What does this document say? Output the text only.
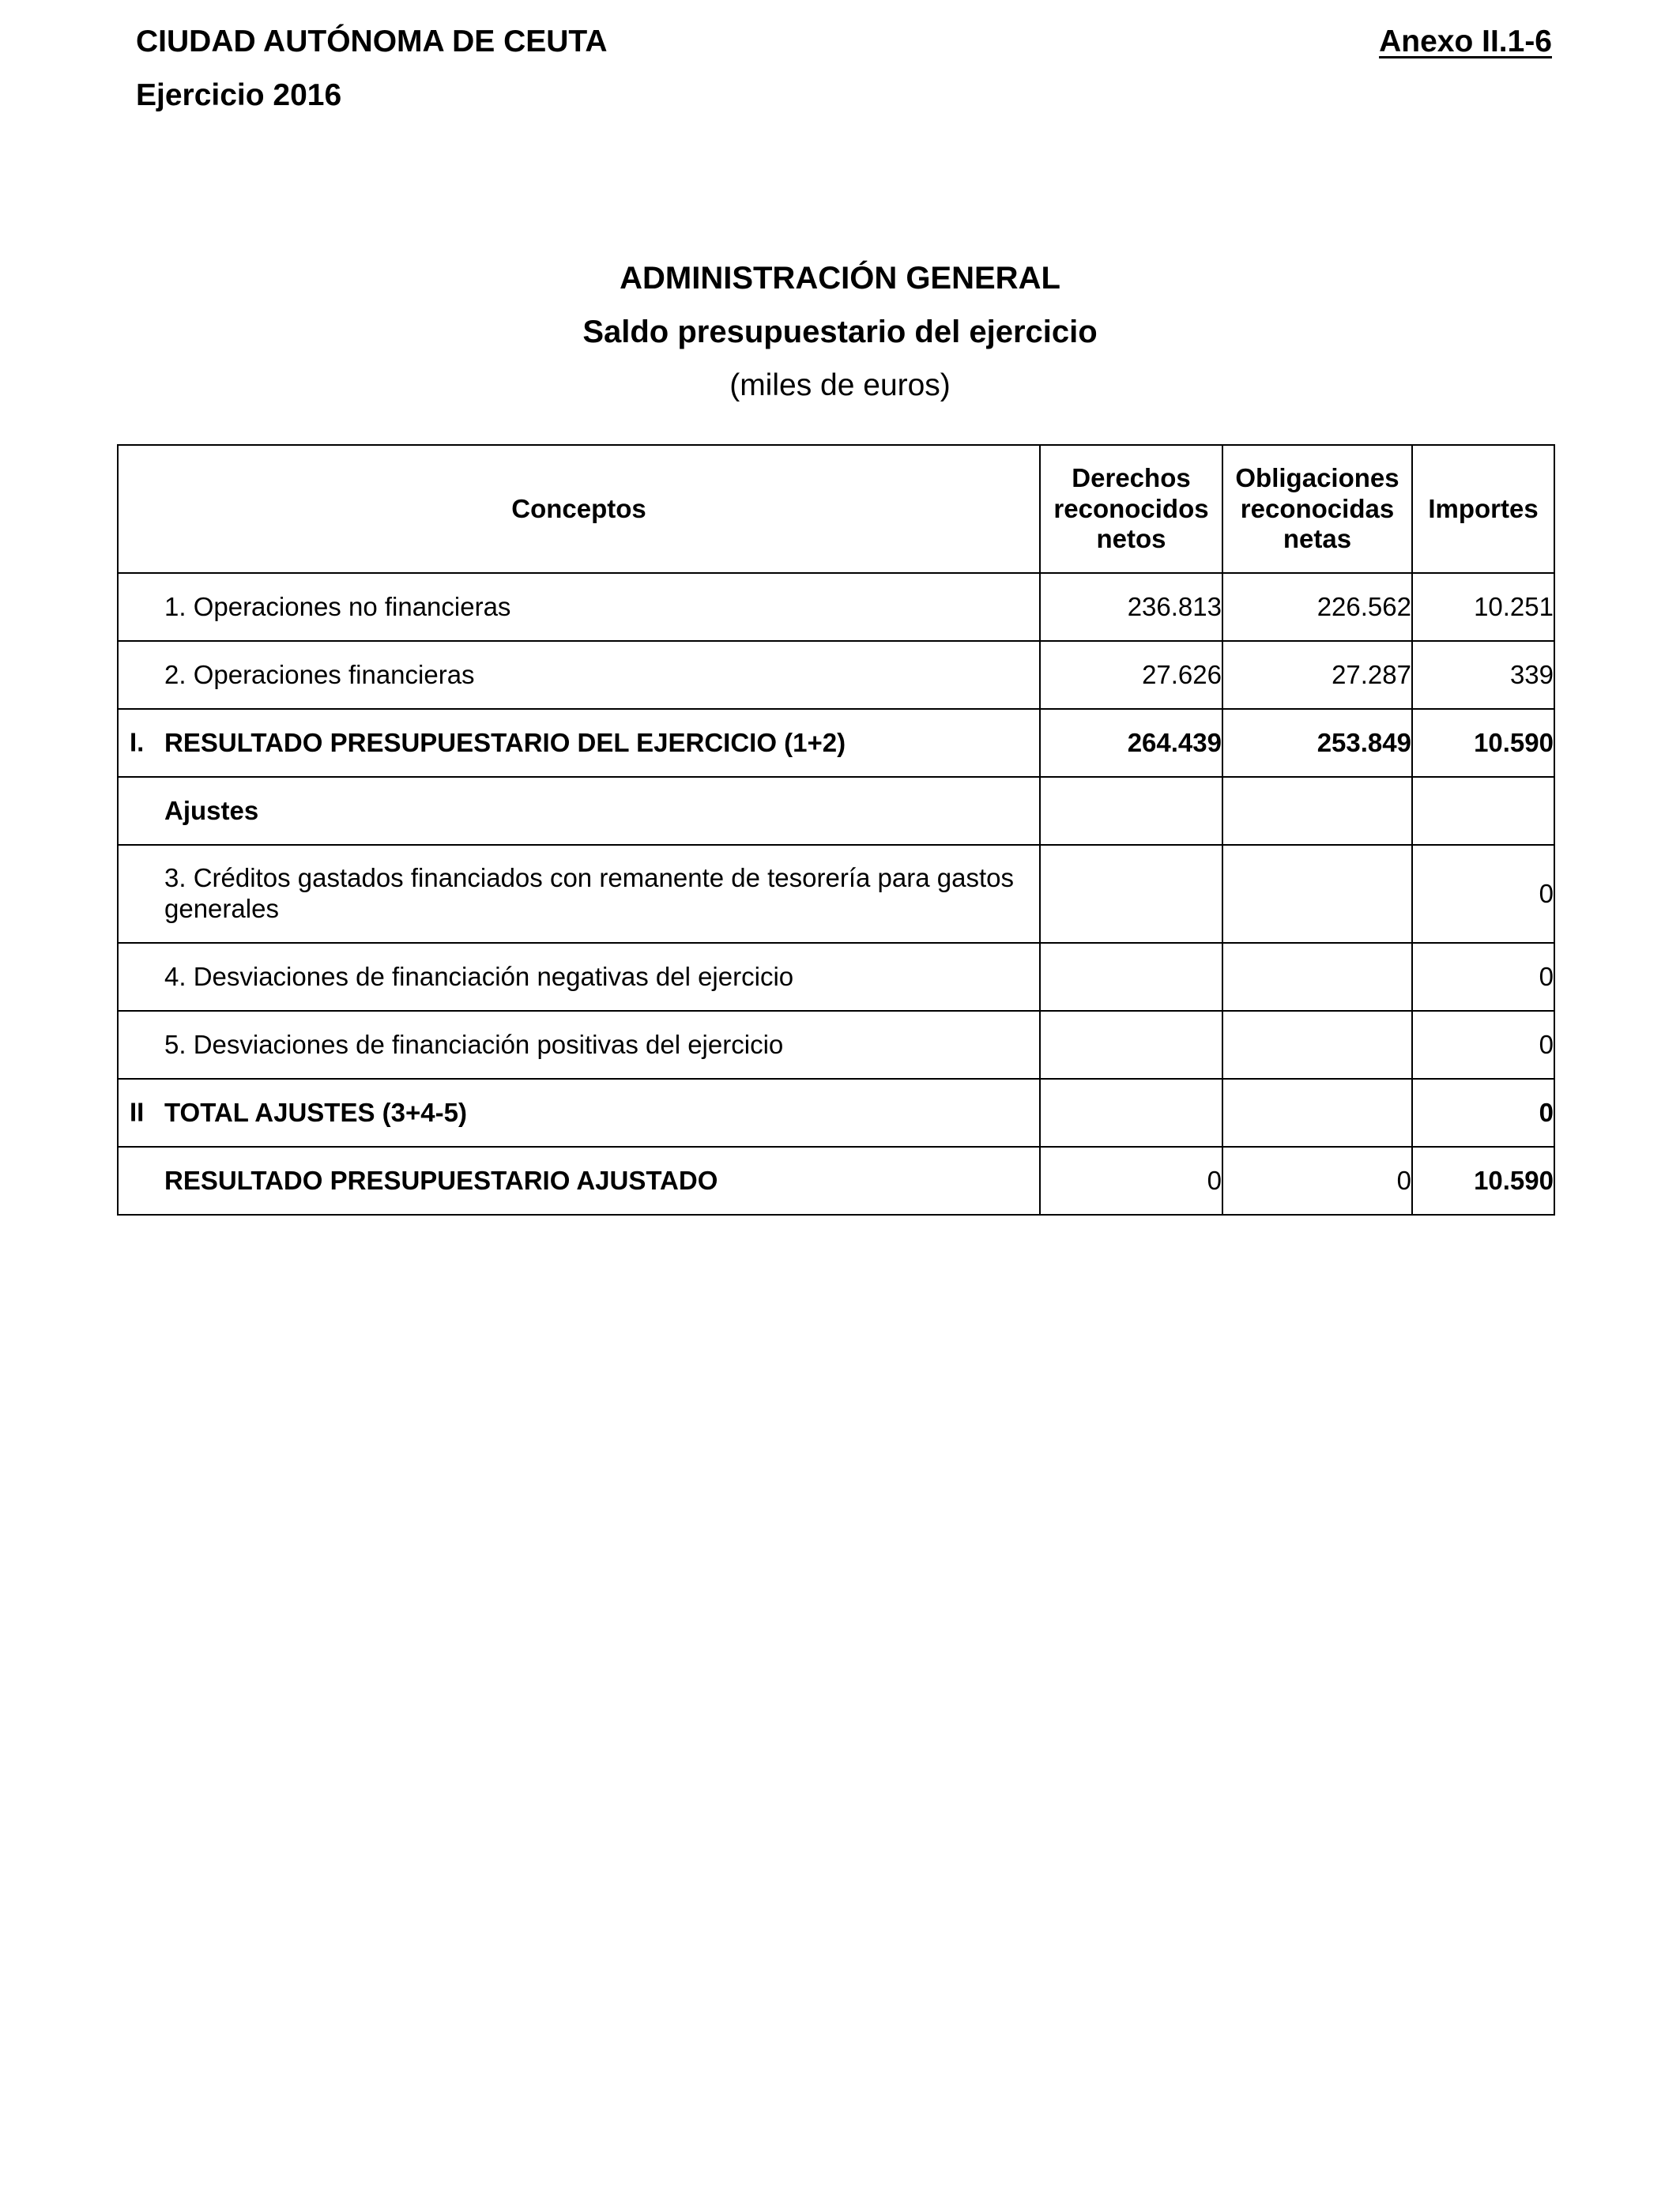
CIUDAD AUTÓNOMA DE CEUTA
Ejercicio 2016
Anexo II.1-6
ADMINISTRACIÓN GENERAL
Saldo presupuestario del ejercicio
(miles de euros)
Conceptos	Derechos reconocidos netos	Obligaciones reconocidas netas	Importes

1. Operaciones no financieras	236.813	226.562	10.251

2. Operaciones financieras	27.626	27.287	339

I. RESULTADO PRESUPUESTARIO DEL EJERCICIO (1+2)	264.439	253.849	10.590

Ajustes			

3. Créditos gastados financiados con remanente de tesorería para gastos generales			0

4. Desviaciones de financiación negativas del ejercicio			0

5. Desviaciones de financiación positivas del ejercicio			0

II TOTAL AJUSTES (3+4-5)			0

RESULTADO PRESUPUESTARIO AJUSTADO	0	0	10.590
